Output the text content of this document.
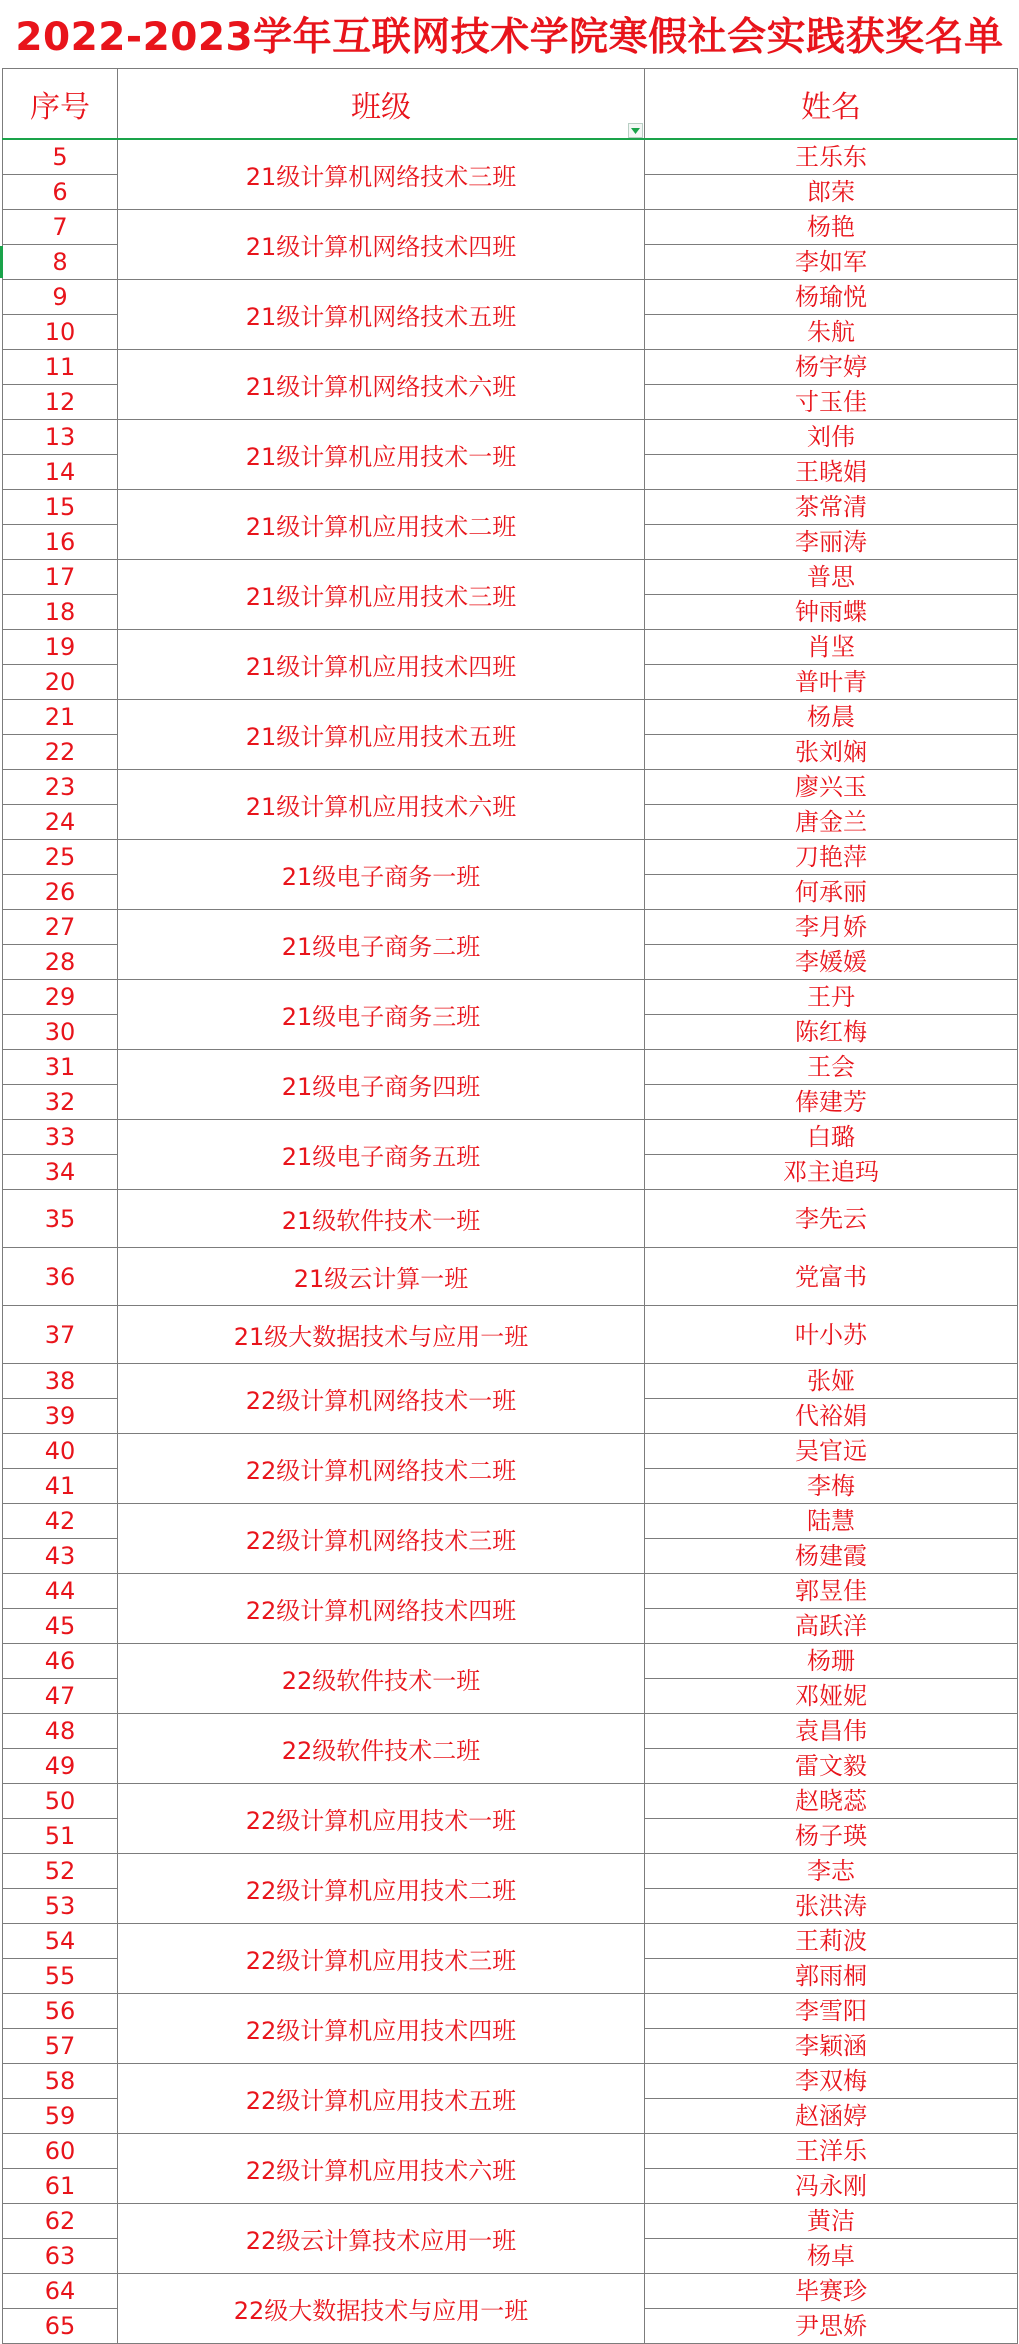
2022-2023学年互联网技术学院寒假社会实践获奖名单
序号	班级	姓名
5	21级计算机网络技术三班	王乐东
6		郎荣
7	21级计算机网络技术四班	杨艳
8		李如军
9	21级计算机网络技术五班	杨瑜悦
10		朱航
11	21级计算机网络技术六班	杨宇婷
12		寸玉佳
13	21级计算机应用技术一班	刘伟
14		王晓娟
15	21级计算机应用技术二班	茶常清
16		李丽涛
17	21级计算机应用技术三班	普思
18		钟雨蝶
19	21级计算机应用技术四班	肖坚
20		普叶青
21	21级计算机应用技术五班	杨晨
22		张刘娴
23	21级计算机应用技术六班	廖兴玉
24		唐金兰
25	21级电子商务一班	刀艳萍
26		何承丽
27	21级电子商务二班	李月娇
28		李媛媛
29	21级电子商务三班	王丹
30		陈红梅
31	21级电子商务四班	王会
32		俸建芳
33	21级电子商务五班	白璐
34		邓主追玛
35	21级软件技术一班	李先云
36	21级云计算一班	党富书
37	21级大数据技术与应用一班	叶小苏
38	22级计算机网络技术一班	张娅
39		代裕娟
40	22级计算机网络技术二班	吴官远
41		李梅
42	22级计算机网络技术三班	陆慧
43		杨建霞
44	22级计算机网络技术四班	郭昱佳
45		高跃洋
46	22级软件技术一班	杨珊
47		邓娅妮
48	22级软件技术二班	袁昌伟
49		雷文毅
50	22级计算机应用技术一班	赵晓蕊
51		杨子瑛
52	22级计算机应用技术二班	李志
53		张洪涛
54	22级计算机应用技术三班	王莉波
55		郭雨桐
56	22级计算机应用技术四班	李雪阳
57		李颖涵
58	22级计算机应用技术五班	李双梅
59		赵涵婷
60	22级计算机应用技术六班	王洋乐
61		冯永刚
62	22级云计算技术应用一班	黄洁
63		杨卓
64	22级大数据技术与应用一班	毕赛珍
65		尹思娇
